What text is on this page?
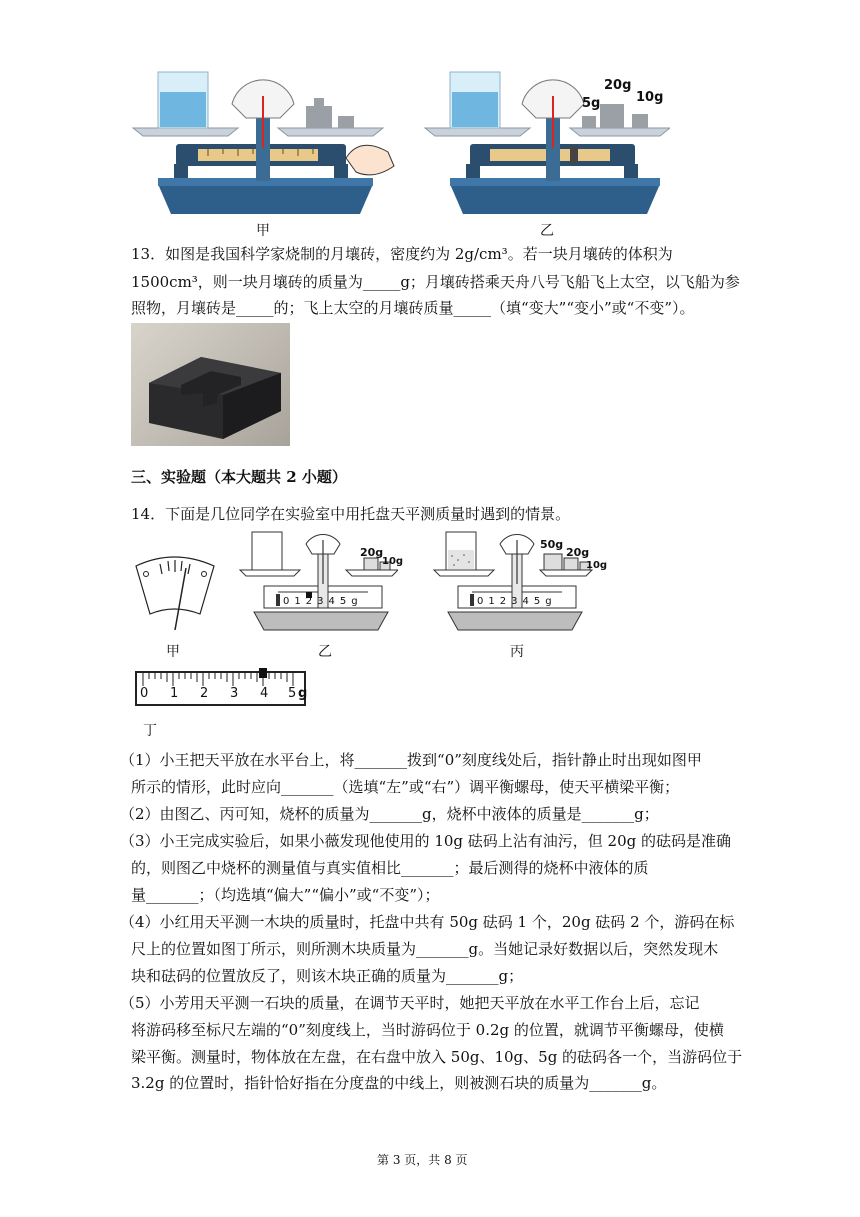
甲
20g
5g	10g
乙
13．如图是我国科学家烧制的月壤砖，密度约为 2g/cm³。若一块月壤砖的体积为
1500cm³，则一块月壤砖的质量为_____g；月壤砖搭乘天舟八号飞船飞上太空，以飞船为参
照物，月壤砖是_____的；飞上太空的月壤砖质量_____（填“变大”“变小”或“不变”）。
三、实验题（本大题共 2 小题）
14．下面是几位同学在实验室中用托盘天平测质量时遇到的情景。
甲
20g
10g
012345g
乙
50g
20g
10g
012345g
丙
0 1 2 3 4 5 g
丁
（1）小王把天平放在水平台上，将_______拨到“0”刻度线处后，指针静止时出现如图甲
所示的情形，此时应向_______（选填“左”或“右”）调平衡螺母，使天平横梁平衡；
（2）由图乙、丙可知，烧杯的质量为_______g，烧杯中液体的质量是_______g；
（3）小王完成实验后，如果小薇发现他使用的 10g 砝码上沾有油污，但 20g 的砝码是准确
的，则图乙中烧杯的测量值与真实值相比_______；最后测得的烧杯中液体的质
量_______；（均选填“偏大”“偏小”或“不变”）；
（4）小红用天平测一木块的质量时，托盘中共有 50g 砝码 1 个，20g 砝码 2 个，游码在标
尺上的位置如图丁所示，则所测木块质量为_______g。当她记录好数据以后，突然发现木
块和砝码的位置放反了，则该木块正确的质量为_______g；
（5）小芳用天平测一石块的质量，在调节天平时，她把天平放在水平工作台上后，忘记
将游码移至标尺左端的“0”刻度线上，当时游码位于 0.2g 的位置，就调节平衡螺母，使横
梁平衡。测量时，物体放在左盘，在右盘中放入 50g、10g、5g 的砝码各一个，当游码位于
3.2g 的位置时，指针恰好指在分度盘的中线上，则被测石块的质量为_______g。
第 3 页，共 8 页
